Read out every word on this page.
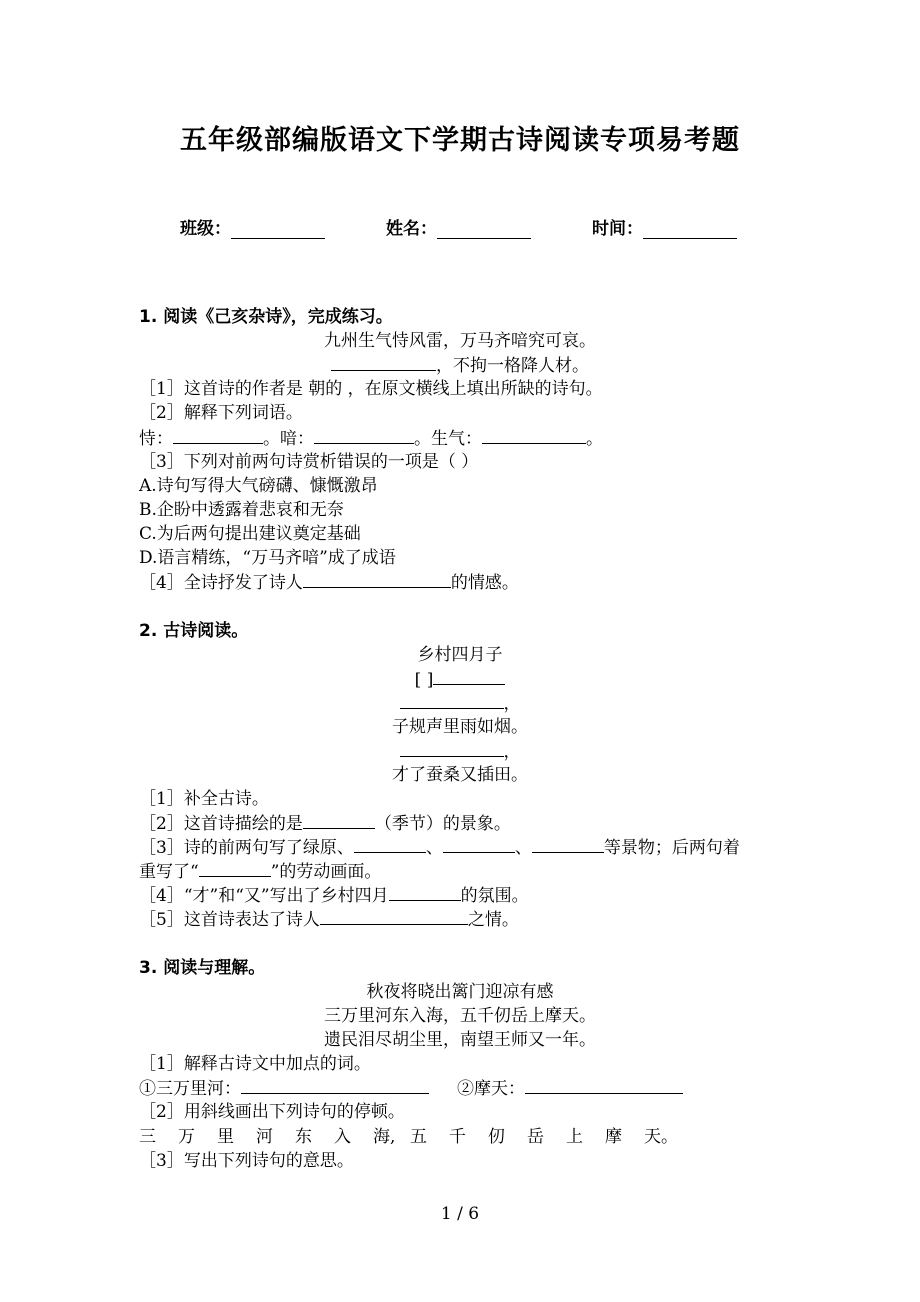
五年级部编版语文下学期古诗阅读专项易考题
班级：	姓名：	时间：
1. 阅读《己亥杂诗》，完成练习。
九州生气恃风雷，万马齐喑究可哀。
，不拘一格降人材。
［1］这首诗的作者是 朝的 ，在原文横线上填出所缺的诗句。
［2］解释下列词语。
恃：	。喑：	。生气：	。
［3］下列对前两句诗赏析错误的一项是（ ）
A.诗句写得大气磅礴、慷慨激昂
B.企盼中透露着悲哀和无奈
C.为后两句提出建议奠定基础
D.语言精练，“万马齐喑”成了成语
［4］全诗抒发了诗人	的情感。
2. 古诗阅读。
乡村四月子
[ ]
，
子规声里雨如烟。
，
才了蚕桑又插田。
［1］补全古诗。
［2］这首诗描绘的是	（季节）的景象。
［3］诗的前两句写了绿原、	、	、	等景物；后两句着
重写了“	”的劳动画面。
［4］“才”和“又”写出了乡村四月	的氛围。
［5］这首诗表达了诗人	之情。
3. 阅读与理解。
秋夜将晓出篱门迎凉有感
三万里河东入海，五千仞岳上摩天。
遗民泪尽胡尘里，南望王师又一年。
［1］解释古诗文中加点的词。
①三万里河：	②摩天：
［2］用斜线画出下列诗句的停顿。
三 万 里 河 东 入 海, 五 千 仞 岳 上 摩 天。
［3］写出下列诗句的意思。
1 / 6
